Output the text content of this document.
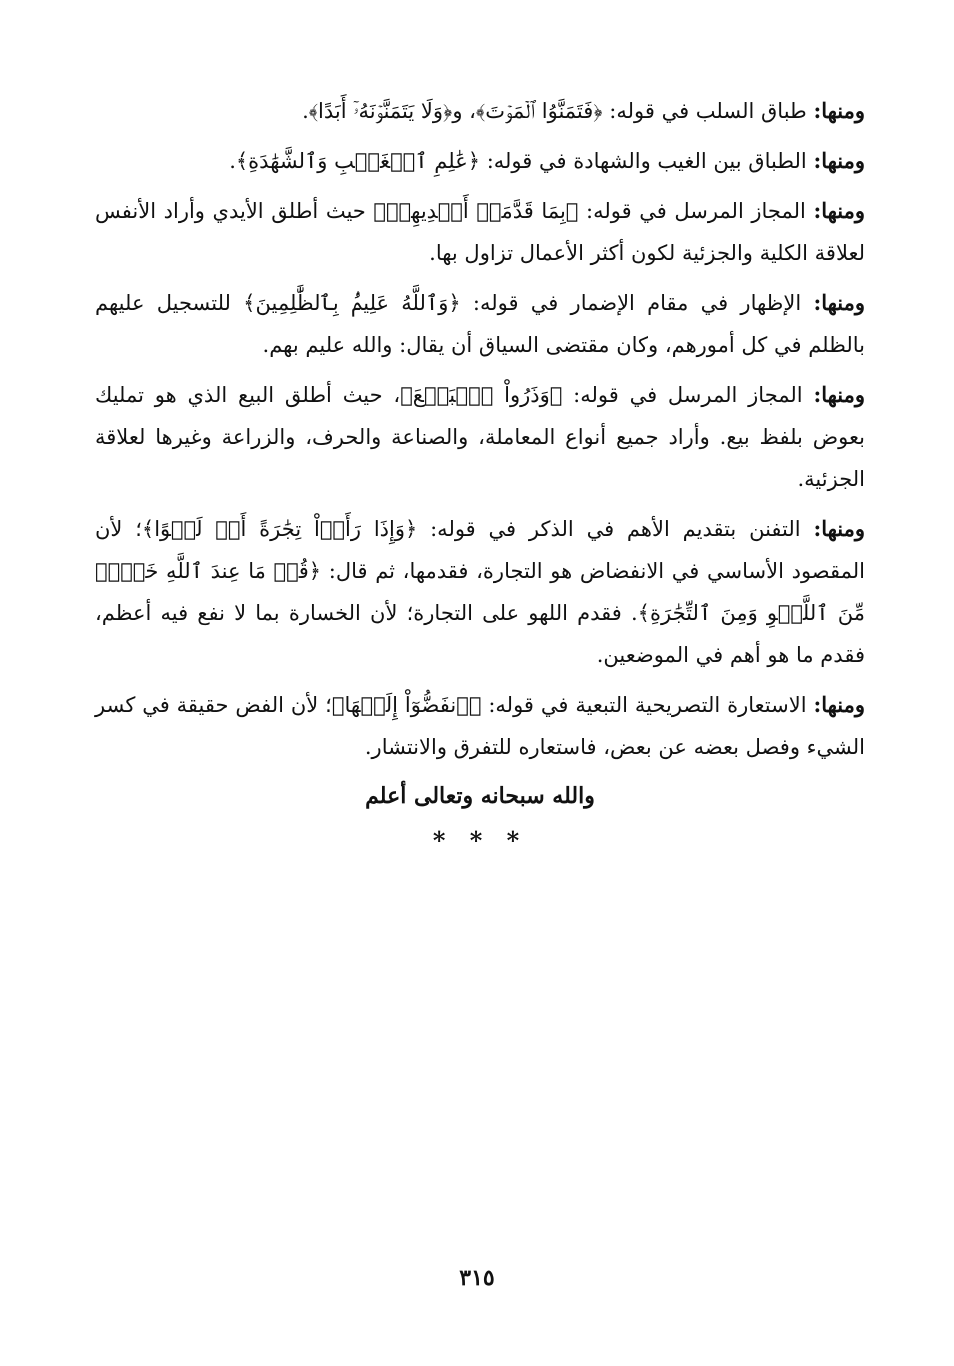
ومنها: طباق السلب في قوله: ﴿فَتَمَنَّوُا ٱلۡمَوۡتَ﴾، و﴿وَلَا يَتَمَنَّوۡنَهُۥٓ أَبَدًا﴾.

ومنها: الطباق بين الغيب والشهادة في قوله: ﴿عَٰلِمِ ٱلۡغَيۡبِ وَٱلشَّهَٰدَةِ﴾.

ومنها: المجاز المرسل في قوله: ﴿بِمَا قَدَّمَتۡ أَيۡدِيهِمۡ﴾ حيث أطلق الأيدي وأراد الأنفس لعلاقة الكلية والجزئية لكون أكثر الأعمال تزاول بها.

ومنها: الإظهار في مقام الإضمار في قوله: ﴿وَٱللَّهُ عَلِيمُۢ بِٱلظَّٰلِمِينَ﴾ للتسجيل عليهم بالظلم في كل أمورهم، وكان مقتضى السياق أن يقال: والله عليم بهم.

ومنها: المجاز المرسل في قوله: ﴿وَذَرُواْ ٱلۡبَيۡعَ﴾، حيث أطلق البيع الذي هو تمليك بعوض بلفظ بيع. وأراد جميع أنواع المعاملة، والصناعة والحرف، والزراعة وغيرها لعلاقة الجزئية.

ومنها: التفنن بتقديم الأهم في الذكر في قوله: ﴿وَإِذَا رَأَوۡاْ تِجَٰرَةً أَوۡ لَهۡوًا﴾؛ لأن المقصود الأساسي في الانفضاض هو التجارة، فقدمها، ثم قال: ﴿قُلۡ مَا عِندَ ٱللَّهِ خَيۡرٞ مِّنَ ٱللَّهۡوِ وَمِنَ ٱلتِّجَٰرَةِ﴾. فقدم اللهو على التجارة؛ لأن الخسارة بما لا نفع فيه أعظم، فقدم ما هو أهم في الموضعين.

ومنها: الاستعارة التصريحية التبعية في قوله: ﴿ٱنفَضُّوٓاْ إِلَيۡهَا﴾؛ لأن الفض حقيقة في كسر الشيء وفصل بعضه عن بعض، فاستعاره للتفرق والانتشار.

والله سبحانه وتعالى أعلم
* * *
٣١٥
